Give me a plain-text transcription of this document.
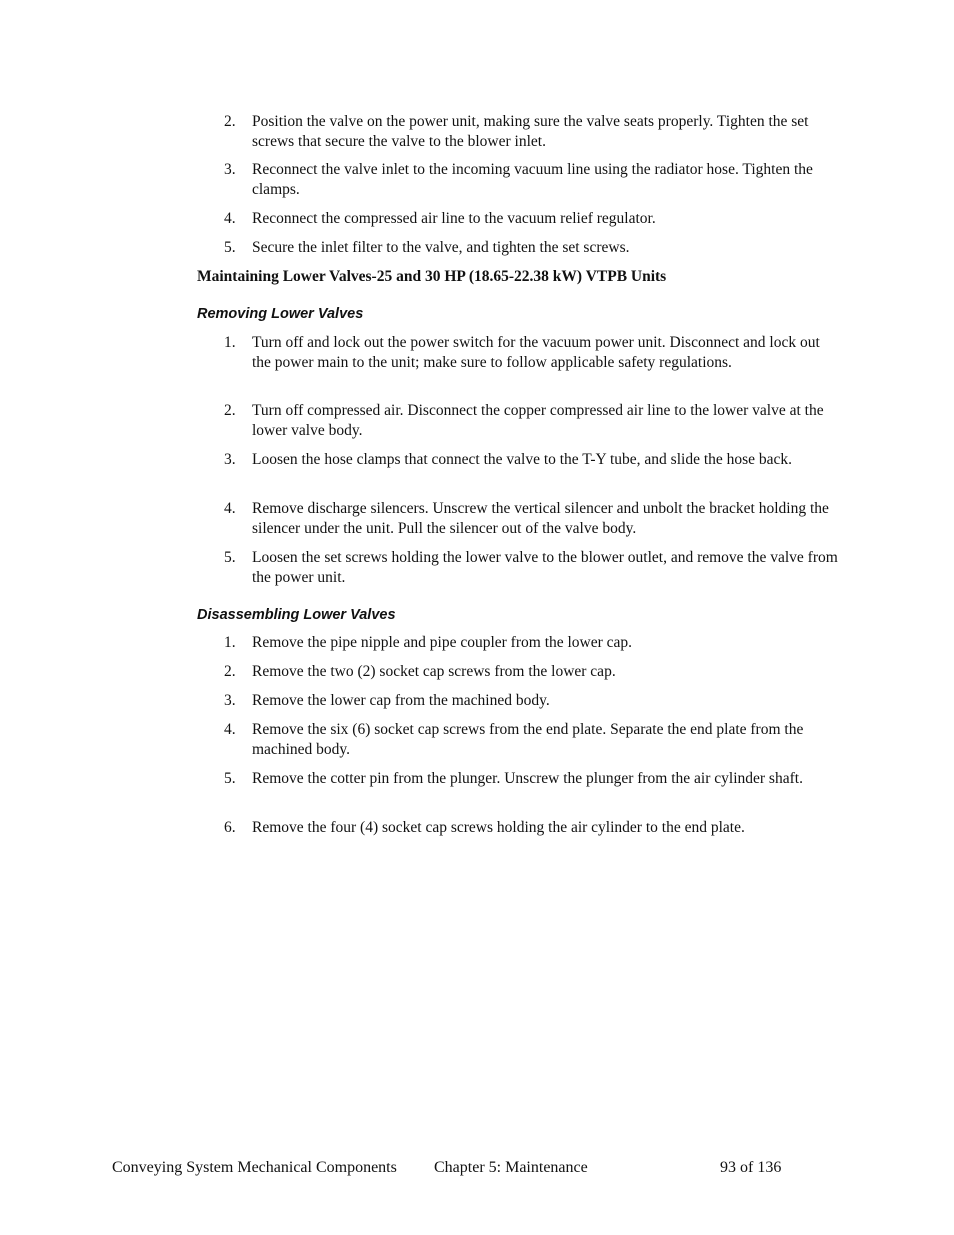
2.	Position the valve on the power unit, making sure the valve seats properly. Tighten the set screws that secure the valve to the blower inlet.
3.	Reconnect the valve inlet to the incoming vacuum line using the radiator hose. Tighten the clamps.
4.	Reconnect the compressed air line to the vacuum relief regulator.
5.	Secure the inlet filter to the valve, and tighten the set screws.
Maintaining Lower Valves-25 and 30 HP (18.65-22.38 kW) VTPB Units
Removing Lower Valves
1.	Turn off and lock out the power switch for the vacuum power unit. Disconnect and lock out the power main to the unit; make sure to follow applicable safety regulations.
2.	Turn off compressed air. Disconnect the copper compressed air line to the lower valve at the lower valve body.
3.	Loosen the hose clamps that connect the valve to the T-Y tube, and slide the hose back.
4.	Remove discharge silencers. Unscrew the vertical silencer and unbolt the bracket holding the silencer under the unit. Pull the silencer out of the valve body.
5.	Loosen the set screws holding the lower valve to the blower outlet, and remove the valve from the power unit.
Disassembling Lower Valves
1.	Remove the pipe nipple and pipe coupler from the lower cap.
2.	Remove the two (2) socket cap screws from the lower cap.
3.	Remove the lower cap from the machined body.
4.	Remove the six (6) socket cap screws from the end plate. Separate the end plate from the machined body.
5.	Remove the cotter pin from the plunger. Unscrew the plunger from the air cylinder shaft.
6.	Remove the four (4) socket cap screws holding the air cylinder to the end plate.
Conveying System Mechanical Components Chapter 5: Maintenance	93 of 136
